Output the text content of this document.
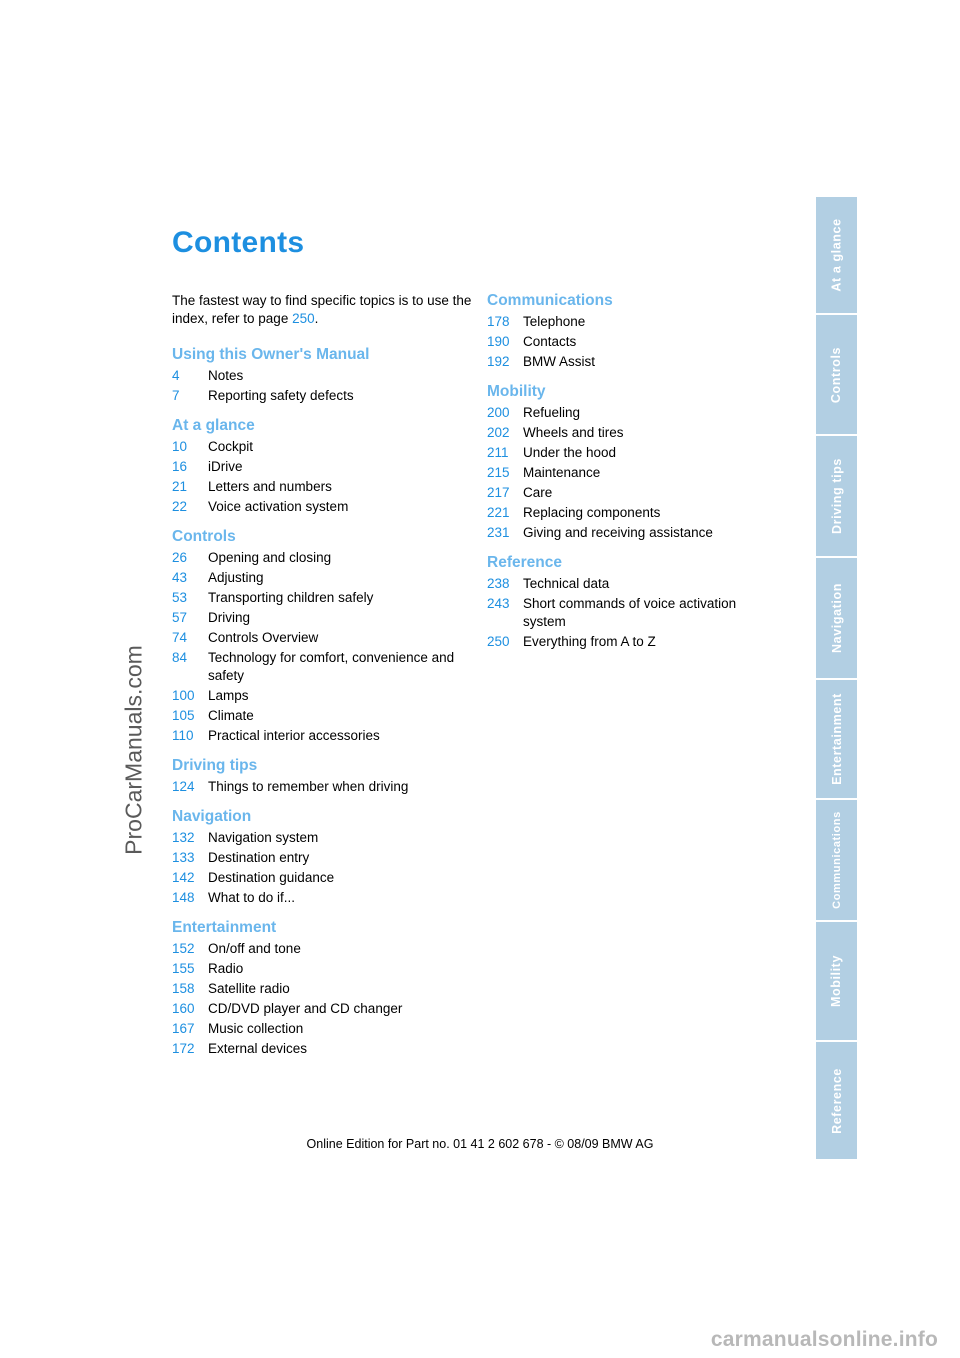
Contents

The fastest way to find specific topics is to use the index, refer to page 250.

Using this Owner's Manual
4	Notes
7	Reporting safety defects
At a glance
10	Cockpit
16	iDrive
21	Letters and numbers
22	Voice activation system
Controls
26	Opening and closing
43	Adjusting
53	Transporting children safely
57	Driving
74	Controls Overview
84	Technology for comfort, convenience and safety
100 Lamps
105 Climate
110	Practical interior accessories
Driving tips
124 Things to remember when driving
Navigation
132 Navigation system
133 Destination entry
142 Destination guidance
148 What to do if...
Entertainment
152 On/off and tone
155 Radio
158 Satellite radio
160 CD/DVD player and CD changer
167 Music collection
172 External devices
Communications
178 Telephone
190 Contacts
192 BMW Assist
Mobility
200 Refueling
202 Wheels and tires
211	Under the hood
215 Maintenance
217 Care
221 Replacing components
231 Giving and receiving assistance
Reference
238 Technical data
243 Short commands of voice activation system
250 Everything from A to Z
ProCarManuals.com
At a glance
Controls
Driving tips
Navigation
Entertainment
Communications
Mobility
Reference
Online Edition for Part no. 01 41 2 602 678 - © 08/09 BMW AG
carmanualsonline.info
